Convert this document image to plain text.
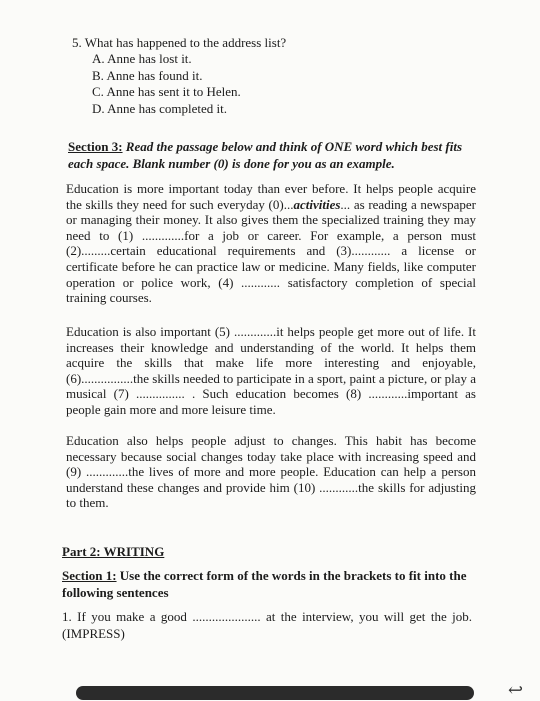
5. What has happened to the address list?
A. Anne has lost it.
B. Anne has found it.
C. Anne has sent it to Helen.
D. Anne has completed it.
Section 3: Read the passage below and think of ONE word which best fits each space. Blank number (0) is done for you as an example.

Education is more important today than ever before. It helps people acquire the skills they need for such everyday (0)...activities... as reading a newspaper or managing their money. It also gives them the specialized training they may need to (1) .............for a job or career. For example, a person must (2).........certain educational requirements and (3)............ a license or certificate before he can practice law or medicine. Many fields, like computer operation or police work, (4) ............ satisfactory completion of special training courses.

Education is also important (5) .............it helps people get more out of life. It increases their knowledge and understanding of the world. It helps them acquire the skills that make life more interesting and enjoyable, (6)................the skills needed to participate in a sport, paint a picture, or play a musical (7) ............... . Such education becomes (8) ............important as people gain more and more leisure time.

Education also helps people adjust to changes. This habit has become necessary because social changes today take place with increasing speed and (9) .............the lives of more and more people. Education can help a person understand these changes and provide him (10) ............the skills for adjusting to them.

Part 2: WRITING
Section 1: Use the correct form of the words in the brackets to fit into the following sentences

1. If you make a good ..................... at the interview, you will get the job. (IMPRESS)

↩
